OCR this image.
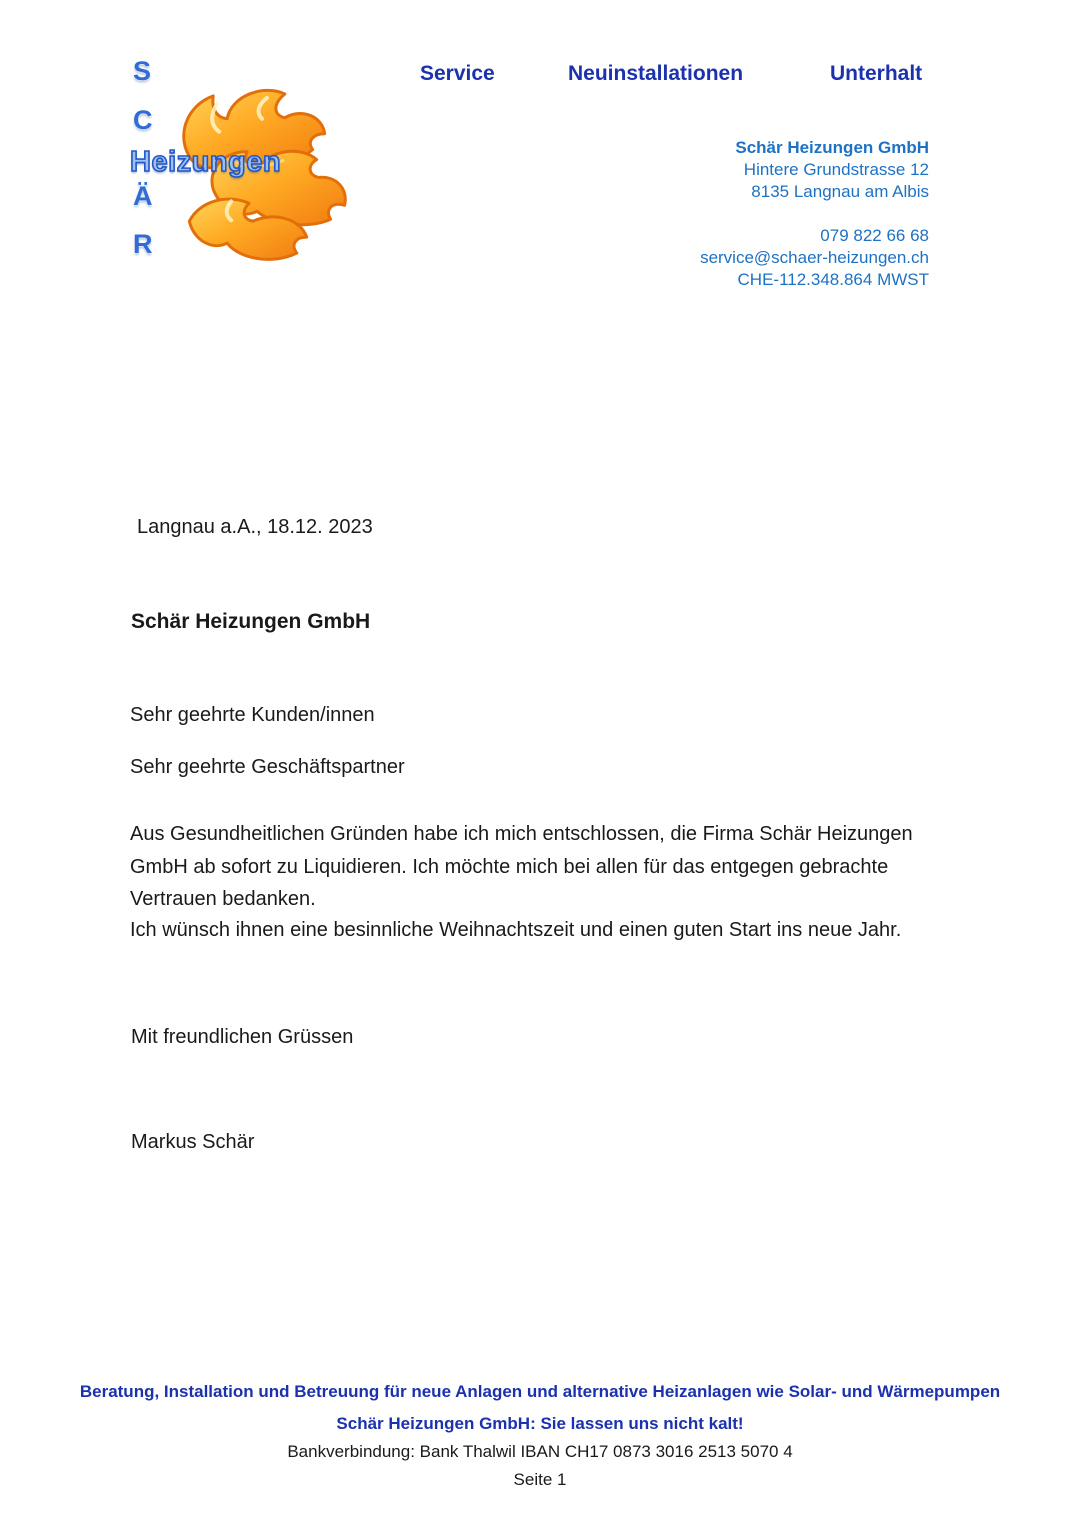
S
C
Heizungen
Ä
R
Service	Neuinstallationen	Unterhalt
Schär Heizungen GmbH
Hintere Grundstrasse 12
8135 Langnau am Albis
079 822 66 68
service@schaer-heizungen.ch
CHE-112.348.864 MWST
Langnau a.A., 18.12. 2023
Schär Heizungen GmbH
Sehr geehrte Kunden/innen
Sehr geehrte Geschäftspartner
Aus Gesundheitlichen Gründen habe ich mich entschlossen, die Firma Schär Heizungen GmbH ab sofort zu Liquidieren. Ich möchte mich bei allen für das entgegen gebrachte Vertrauen bedanken.
Ich wünsch ihnen eine besinnliche Weihnachtszeit und einen guten Start ins neue Jahr.
Mit freundlichen Grüssen
Markus Schär
Beratung, Installation und Betreuung für neue Anlagen und alternative Heizanlagen wie Solar- und Wärmepumpen
Schär Heizungen GmbH: Sie lassen uns nicht kalt!
Bankverbindung: Bank Thalwil IBAN CH17 0873 3016 2513 5070 4
Seite 1
